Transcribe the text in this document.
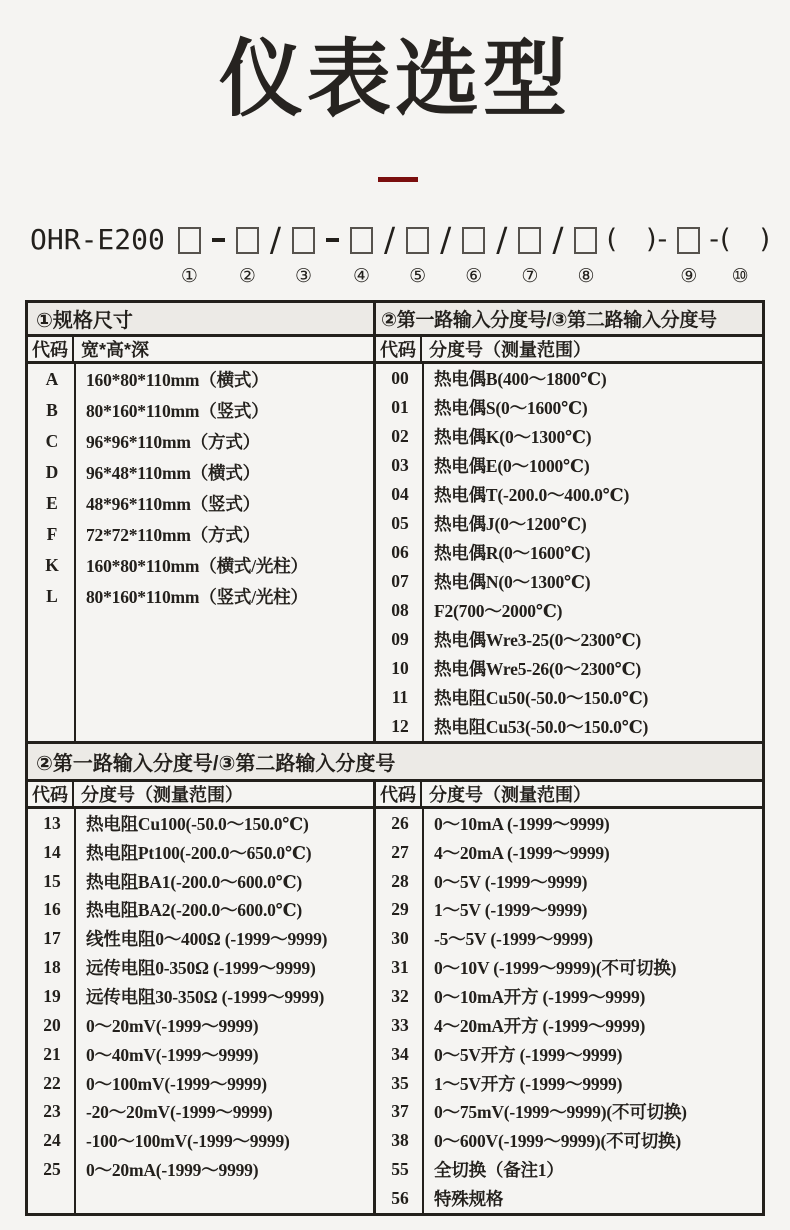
仪表选型
OHR-E200
① ②
/
③ ④
/
⑤
/
⑥
/
⑦
/
⑧
(　)-
⑨
-(　)
⑩
①规格尺寸	②第一路输入分度号/③第二路输入分度号
代码 宽*高*深	代码 分度号（测量范围）
A	160*80*110mm（横式）
B	80*160*110mm（竖式）
C	96*96*110mm（方式）
D	96*48*110mm（横式）
E	48*96*110mm（竖式）
F	72*72*110mm（方式）
K	160*80*110mm（横式/光柱）
L	80*160*110mm（竖式/光柱）
00	热电偶B(400～1800℃)
01	热电偶S(0～1600℃)
02	热电偶K(0～1300℃)
03	热电偶E(0～1000℃)
04	热电偶T(-200.0～400.0℃)
05	热电偶J(0～1200℃)
06	热电偶R(0～1600℃)
07	热电偶N(0～1300℃)
08	F2(700～2000℃)
09	热电偶Wre3-25(0～2300℃)
10	热电偶Wre5-26(0～2300℃)
11	热电阻Cu50(-50.0～150.0℃)
12	热电阻Cu53(-50.0～150.0℃)
②第一路输入分度号/③第二路输入分度号
代码 分度号（测量范围）	代码 分度号（测量范围）
13	热电阻Cu100(-50.0～150.0℃)
14	热电阻Pt100(-200.0～650.0℃)
15	热电阻BA1(-200.0～600.0℃)
16	热电阻BA2(-200.0～600.0℃)
17	线性电阻0～400Ω (-1999～9999)
18	远传电阻0-350Ω (-1999～9999)
19	远传电阻30-350Ω (-1999～9999)
20	0～20mV(-1999～9999)
21	0～40mV(-1999～9999)
22	0～100mV(-1999～9999)
23	-20～20mV(-1999～9999)
24	-100～100mV(-1999～9999)
25	0～20mA(-1999～9999)
26	0～10mA (-1999～9999)
27	4～20mA (-1999～9999)
28	0～5V (-1999～9999)
29	1～5V (-1999～9999)
30	-5～5V (-1999～9999)
31	0～10V (-1999～9999)(不可切换)
32	0～10mA开方 (-1999～9999)
33	4～20mA开方 (-1999～9999)
34	0～5V开方 (-1999～9999)
35	1～5V开方 (-1999～9999)
37	0～75mV(-1999～9999)(不可切换)
38	0～600V(-1999～9999)(不可切换)
55	全切换（备注1）
56	特殊规格
